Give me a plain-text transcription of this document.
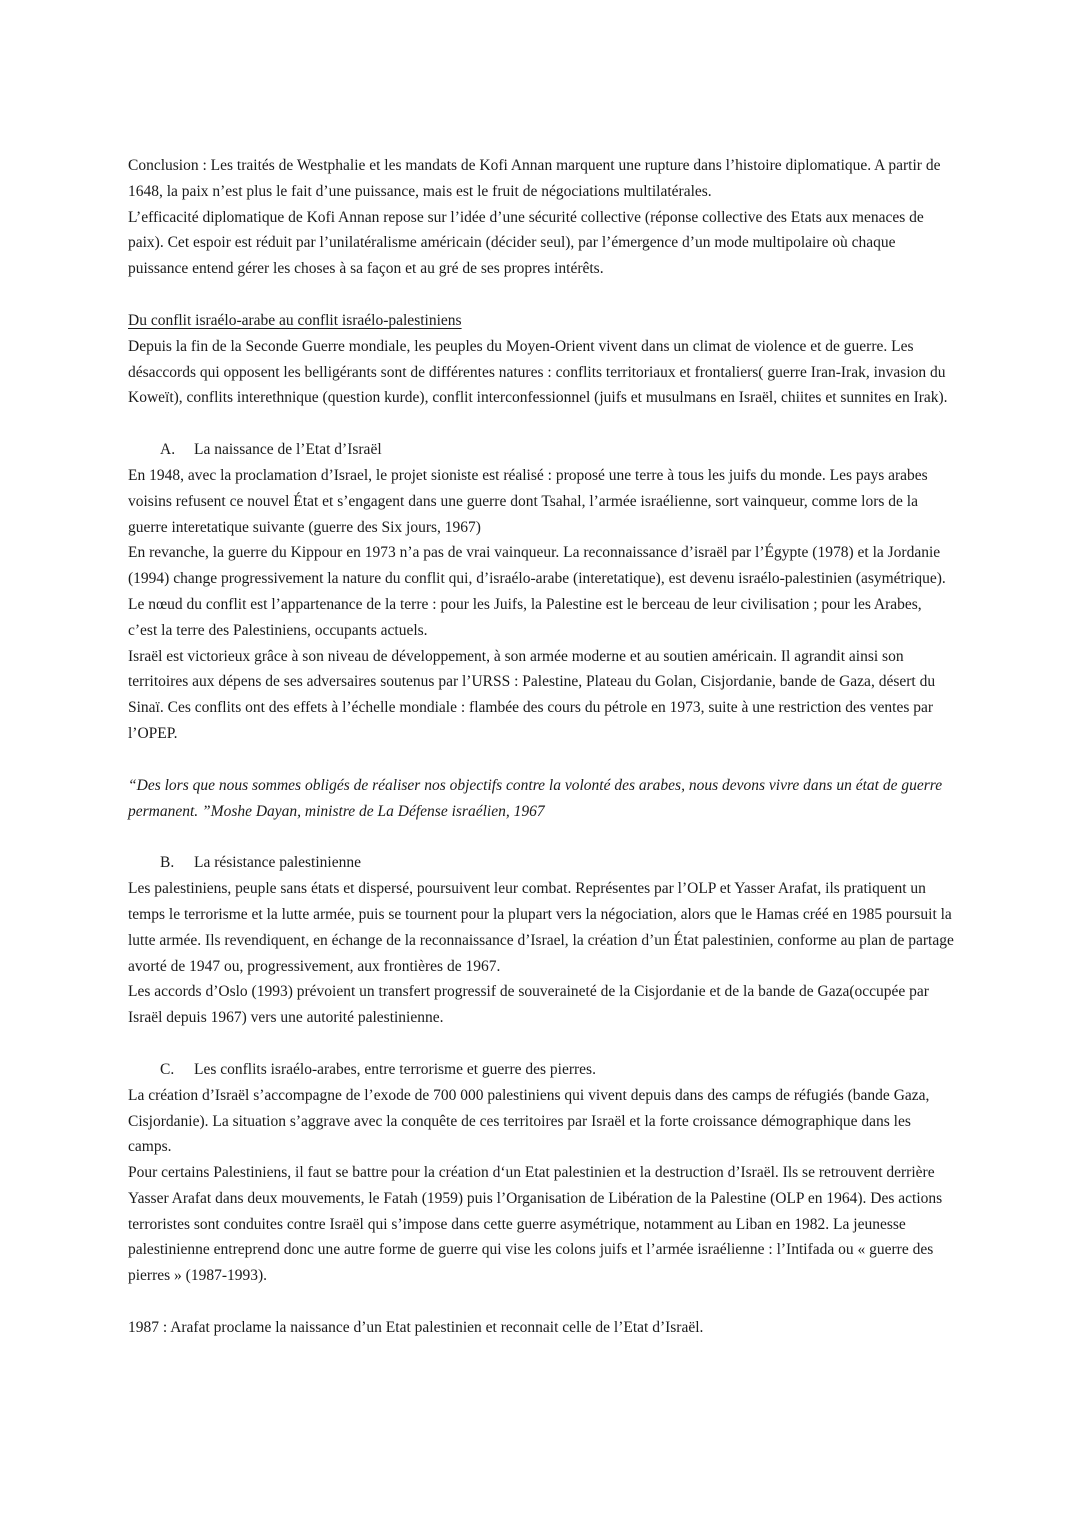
Conclusion : Les traités de Westphalie et les mandats de Kofi Annan marquent une rupture dans l’histoire diplomatique. A partir de 1648, la paix n’est plus le fait d’une puissance, mais est le fruit de négociations multilatérales.

L’efficacité diplomatique de Kofi Annan repose sur l’idée d’une sécurité collective (réponse collective des Etats aux menaces de paix). Cet espoir est réduit par l’unilatéralisme américain (décider seul), par l’émergence d’un mode multipolaire où chaque puissance entend gérer les choses à sa façon et au gré de ses propres intérêts.

Du conflit israélo-arabe au conflit israélo-palestiniens

Depuis la fin de la Seconde Guerre mondiale, les peuples du Moyen-Orient vivent dans un climat de violence et de guerre. Les désaccords qui opposent les belligérants sont de différentes natures : conflits territoriaux et frontaliers( guerre Iran-Irak, invasion du Koweït), conflits interethnique (question kurde), conflit interconfessionnel (juifs et musulmans en Israël, chiites et sunnites en Irak).

A. La naissance de l’Etat d’Israël

En 1948, avec la proclamation d’Israel, le projet sioniste est réalisé : proposé une terre à tous les juifs du monde. Les pays arabes voisins refusent ce nouvel État et s’engagent dans une guerre dont Tsahal, l’armée israélienne, sort vainqueur, comme lors de la guerre interetatique suivante (guerre des Six jours, 1967)

En revanche, la guerre du Kippour en 1973 n’a pas de vrai vainqueur. La reconnaissance d’israël par l’Égypte (1978) et la Jordanie (1994) change progressivement la nature du conflit qui, d’israélo-arabe (interetatique), est devenu israélo-palestinien (asymétrique). Le nœud du conflit est l’appartenance de la terre : pour les Juifs, la Palestine est le berceau de leur civilisation ; pour les Arabes, c’est la terre des Palestiniens, occupants actuels.

Israël est victorieux grâce à son niveau de développement, à son armée moderne et au soutien américain. Il agrandit ainsi son territoires aux dépens de ses adversaires soutenus par l’URSS : Palestine, Plateau du Golan, Cisjordanie, bande de Gaza, désert du Sinaï. Ces conflits ont des effets à l’échelle mondiale : flambée des cours du pétrole en 1973, suite à une restriction des ventes par l’OPEP.

“Des lors que nous sommes obligés de réaliser nos objectifs contre la volonté des arabes, nous devons vivre dans un état de guerre permanent. ”Moshe Dayan, ministre de La Défense israélien, 1967

B. La résistance palestinienne

Les palestiniens, peuple sans états et dispersé, poursuivent leur combat. Représentes par l’OLP et Yasser Arafat, ils pratiquent un temps le terrorisme et la lutte armée, puis se tournent pour la plupart vers la négociation, alors que le Hamas créé en 1985 poursuit la lutte armée. Ils revendiquent, en échange de la reconnaissance d’Israel, la création d’un État palestinien, conforme au plan de partage avorté de 1947 ou, progressivement, aux frontières de 1967.

Les accords d’Oslo (1993) prévoient un transfert progressif de souveraineté de la Cisjordanie et de la bande de Gaza(occupée par Israël depuis 1967) vers une autorité palestinienne.

C. Les conflits israélo-arabes, entre terrorisme et guerre des pierres.

La création d’Israël s’accompagne de l’exode de 700 000 palestiniens qui vivent depuis dans des camps de réfugiés (bande Gaza, Cisjordanie). La situation s’aggrave avec la conquête de ces territoires par Israël et la forte croissance démographique dans les camps.

Pour certains Palestiniens, il faut se battre pour la création d‘un Etat palestinien et la destruction d’Israël. Ils se retrouvent derrière Yasser Arafat dans deux mouvements, le Fatah (1959) puis l’Organisation de Libération de la Palestine (OLP en 1964). Des actions terroristes sont conduites contre Israël qui s’impose dans cette guerre asymétrique, notamment au Liban en 1982. La jeunesse palestinienne entreprend donc une autre forme de guerre qui vise les colons juifs et l’armée israélienne : l’Intifada ou « guerre des pierres » (1987-1993).

1987 : Arafat proclame la naissance d’un Etat palestinien et reconnait celle de l’Etat d’Israël.
